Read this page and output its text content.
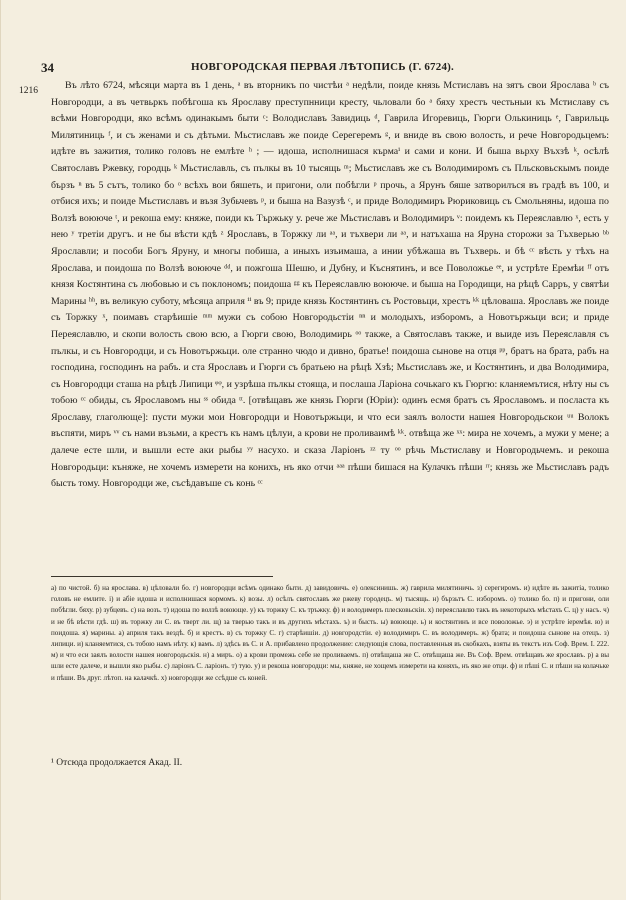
34	НОВГОРОДСКАЯ ПЕРВАЯ ЛѢТОПИСЬ (Г. 6724).
1216	Въ лѣто 6724, мѣсяци марта въ 1 день, ᵃ въ вторникъ по чистѣи ᵃ недѣли, поиде князь Мстиславъ на зятъ свои Ярослава ᵇ съ Новгородци, а въ четвьркъ побѣгоша къ Ярославу преступнници кресту, чьловали бо ᵃ бяху хрестъ честьныи къ Мстиславу съ всѣми Новгородци, яко всѣмъ одинакымъ быти ᶜ: Володиславъ Завидиць ᵈ, Гаврила Игоревиць, Гюрги Олькиниць ᵉ, Гаврильць Милятиниць ᶠ, и съ женами и съ дѣтьми. Мьстиславъ же поиде Серегеремъ ᵍ, и вниде въ свою волость, и рече Новгородьцемъ: идѣте въ зажития, толико головъ не емлѣте ʰ ; — идоша, исполнишася кърмаⁱ и сами и кони. И быша вьрху Въхзѣ ᵏ, осѣлѣ Святославъ Ржевку, городць ᵏ Мьстиславль, съ пълкы въ 10 тысящь ᵐ; Мьстиславъ же съ Володимиромъ съ Пльсковьскымъ поиде бързъ ⁿ въ 5 сътъ, толико бо ᵒ всѣхъ вои бяшеть, и пригони, оли побѣгли ᵖ прочь, а Ярунъ бяше затворилъся въ градѣ въ 100, и отбися ихъ; и поиде Мьстиславъ и възя Зубьчевъ ᵖ, и быша на Вазузѣ ᶜ, и приде Володимиръ Рюриковиць съ Смольняны, идоша по Волзѣ воююче ᵗ, и рекоша ему: княже, поиди къ Тържьку у. рече же Мьстиславъ и Володимиръ ᵛ: поидемъ къ Переяславлю ˣ, есть у нею ʸ третiи другъ. и не бы вѣсти кдѣ ᶻ Ярославъ, в Торжку ли ᵃᵃ, и тъхвери ли ᵃᵃ, и натъхаша на Яруна сторожи за Тъхверью ᵇᵇ Ярославли; и пособи Богъ Яруну, и многы побиша, а иныхъ изъимаша, а инии убѣжаша въ Тъхверь. и бѣ ᶜᶜ вѣсть у тѣхъ на Ярослава, и поидоша по Волзѣ воююче ᵈᵈ, и пожгоша Шешю, и Дубну, и Къснятинъ, и все Поволожье ᵉᵉ, и устрѣте Еремѣи ᶠᶠ отъ князя Костянтина съ любовью и съ поклономъ; поидоша ᵍᵍ къ Переяславлю воююче. и быша на Городищи, на рѣцѣ Сарръ, у святѣи Марины ʰʰ, въ великую суботу, мѣсяца априля ⁱⁱ въ 9; приде князь Костянтинъ съ Ростовьци, хрестъ ᵏᵏ цѣловаша. Ярославъ же поиде съ Торжку ˣ, поимавъ старѣишiе ᵐᵐ мужи съ собою Новгородьстiи ⁿⁿ и молодыхъ, изборомъ, а Новотържьци вси; и приде Переяславлю, и скопи волость свою всю, а Гюрги свою, Володимирь ᵒᵒ также, а Святославъ также, и выиде изъ Переяславля съ пълкы, и съ Новгородци, и съ Новотържьци. оле странно чюдо и дивно, братье! поидоша сынове на отця ᵖᵖ, братъ на брата, рабъ на господина, господинъ на рабъ. и ста Ярославъ и Гюрги съ братьею на рѣцѣ Хзѣ; Мьстиславъ же, и Костянтинъ, и два Володимира, съ Новгородци сташа на рѣцѣ Липици ᵠᵠ, и узрѣша пълкы стоящa, и послаша Ларiона сочькаго къ Гюргю: кланяемътися, нѣту ны съ тобою ᶜᶜ обиды, съ Ярославомъ ны ˢˢ обида ᵗᵗ. [отвѣщавъ же князь Гюрги (Юрiи): одинъ есмя братъ съ Ярославомъ. и посласта къ Ярославу, глаголюще]: пусти мужи мои Новгородци и Новотържьци, и что еси заялъ волости нашея Новгородьскои ᵘᵘ Волокъ въспяти, миръ ᵛᵛ съ нами възьми, а крестъ къ намъ цѣлуи, а крови не проливаимѣ ᵏᵏ. отвѣща же ˣˣ: мира не хочемъ, а мужи у мене; а далече есте шли, и вышли есте аки рыбы ʸʸ насухо. и сказа Ларiонъ ᶻᶻ ту ᵒᵒ рѣчь Мьстиславу и Новгородьчемъ. и рекоша Новгородьци: къняже, не хочемъ измерети на конихъ, нъ яко отчи ᵃᵃᵃ пѣши бишася на Кулачкъ пѣши ʳʳ; князь же Мьстиславъ радъ бысть тому. Новгородци же, съсѣдавъше съ конь ᶜᶜ

a) по чистой. б) на ярослава. в) цѣловали бо. г) новгородци всѣмъ одинако быти. д) завидовичь. е) олексинишь. ж) гаврила милятиничь. з) серегиромъ. и) идѣте въ зажитiа, толико головъ не емлите. i) и абiе идоша и исполнишася кормомъ. к) возы. л) осѣлъ святославъ же ржеву городецъ. м) тысящь. н) бързьтъ С. изборомъ. о) толико бо. п) и пригони, оли побѣгли. бяху. р) зубцевъ. с) на возъ. т) идоша по волзѣ воююще. у) къ торжку С. къ тръжку. ф) и володимеръ плесковьскiи. х) переяславлю такъ въ некоторыхъ мѣстахъ С. ц) у насъ. ч) и не бѣ вѣсти гдѣ. ш) въ торжку ли С. въ тверт ли. щ) за тверью такъ и въ другихъ мѣстахъ. ъ) и бысть. ы) воююще. ь) и костянтинъ и все поволожье. э) и устрѣте iеремѣя. ю) и поидоша. я) марины. а) априля такъ вездѣ. б) и крестъ. в) съ торжку С. г) старѣишiи. д) новгородстiи. е) володимиръ С. въ володимеръ. ж) брата; и поидоша сынове на отецъ. з) липици. и) кланяемтися, съ тобою намъ нѣту. к) вамъ. л) здѣсь въ С. и А. прибавлено продолжение: следующiя слова, поставленныя въ скобкахъ, взяты въ текстъ изъ Соф. Врем. I. 222. м) и что еси заялъ волости нашея новгородьскiя. н) а миръ. о) а крови промежь себе не проливаемъ. п) отвѣщаша же С. отвѣщаша же. Въ Соф. Врем. отвѣщавъ же ярославъ. р) а вы шли есте далече, и вышли яко рыбы. с) ларiонъ С. ларiонъ. т) тую. у) и рекоша новгородци: мы, княже, не хощемъ измерети на коняхъ, нъ яко же отци. ф) и пѣшi С. и пѣши на колачьке и пѣши. Въ друг. лѣтоп. на калачкѣ. х) новгородци же ссѣдше съ коней.

¹ Отсюда продолжается Акад. II.
